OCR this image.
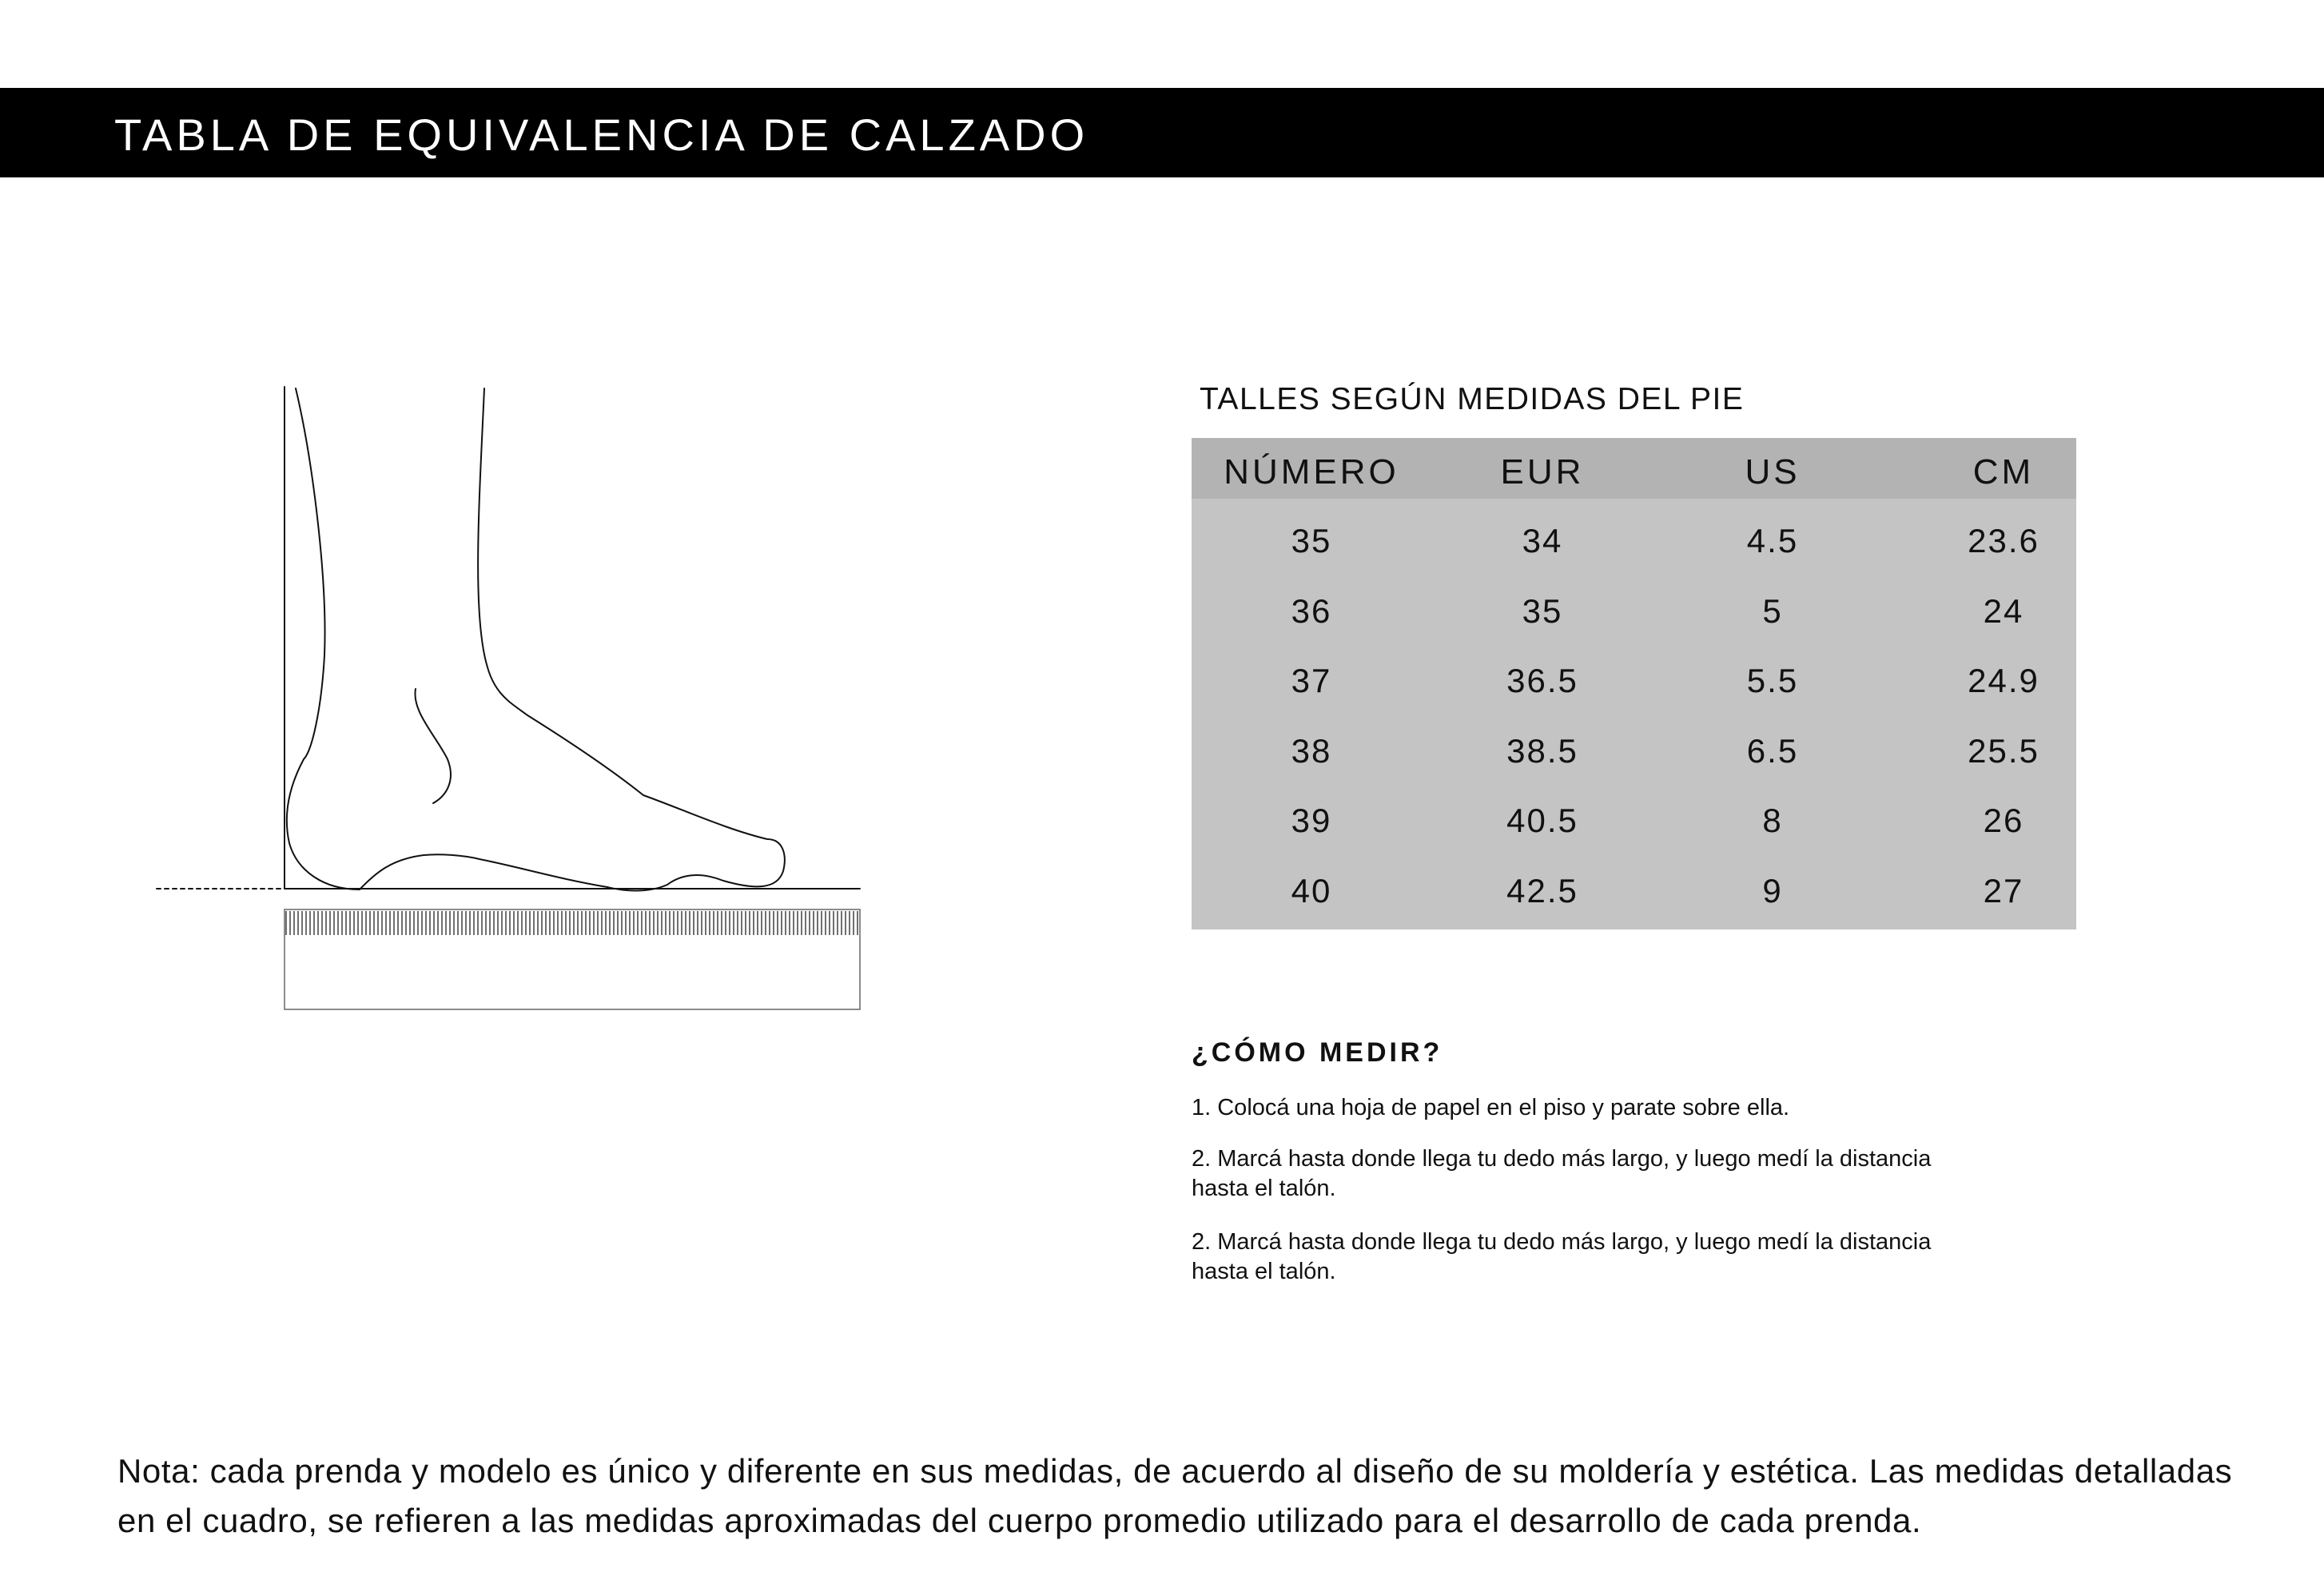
TABLA DE EQUIVALENCIA DE CALZADO
TALLES SEGÚN MEDIDAS DEL PIE
NÚMERO	EUR	US	CM
35	34	4.5	23.6
36	35	5	24
37	36.5	5.5	24.9
38	38.5	6.5	25.5
39	40.5	8	26
40	42.5	9	27
¿CÓMO MEDIR?
1. Colocá una hoja de papel en el piso y parate sobre ella.
2. Marcá hasta donde llega tu dedo más largo, y luego medí la distancia hasta el talón.
2. Marcá hasta donde llega tu dedo más largo, y luego medí la distancia hasta el talón.
Nota: cada prenda y modelo es único y diferente en sus medidas, de acuerdo al diseño de su moldería y estética. Las medidas detalladas en el cuadro, se refieren a las medidas aproximadas del cuerpo promedio utilizado para el desarrollo de cada prenda.
